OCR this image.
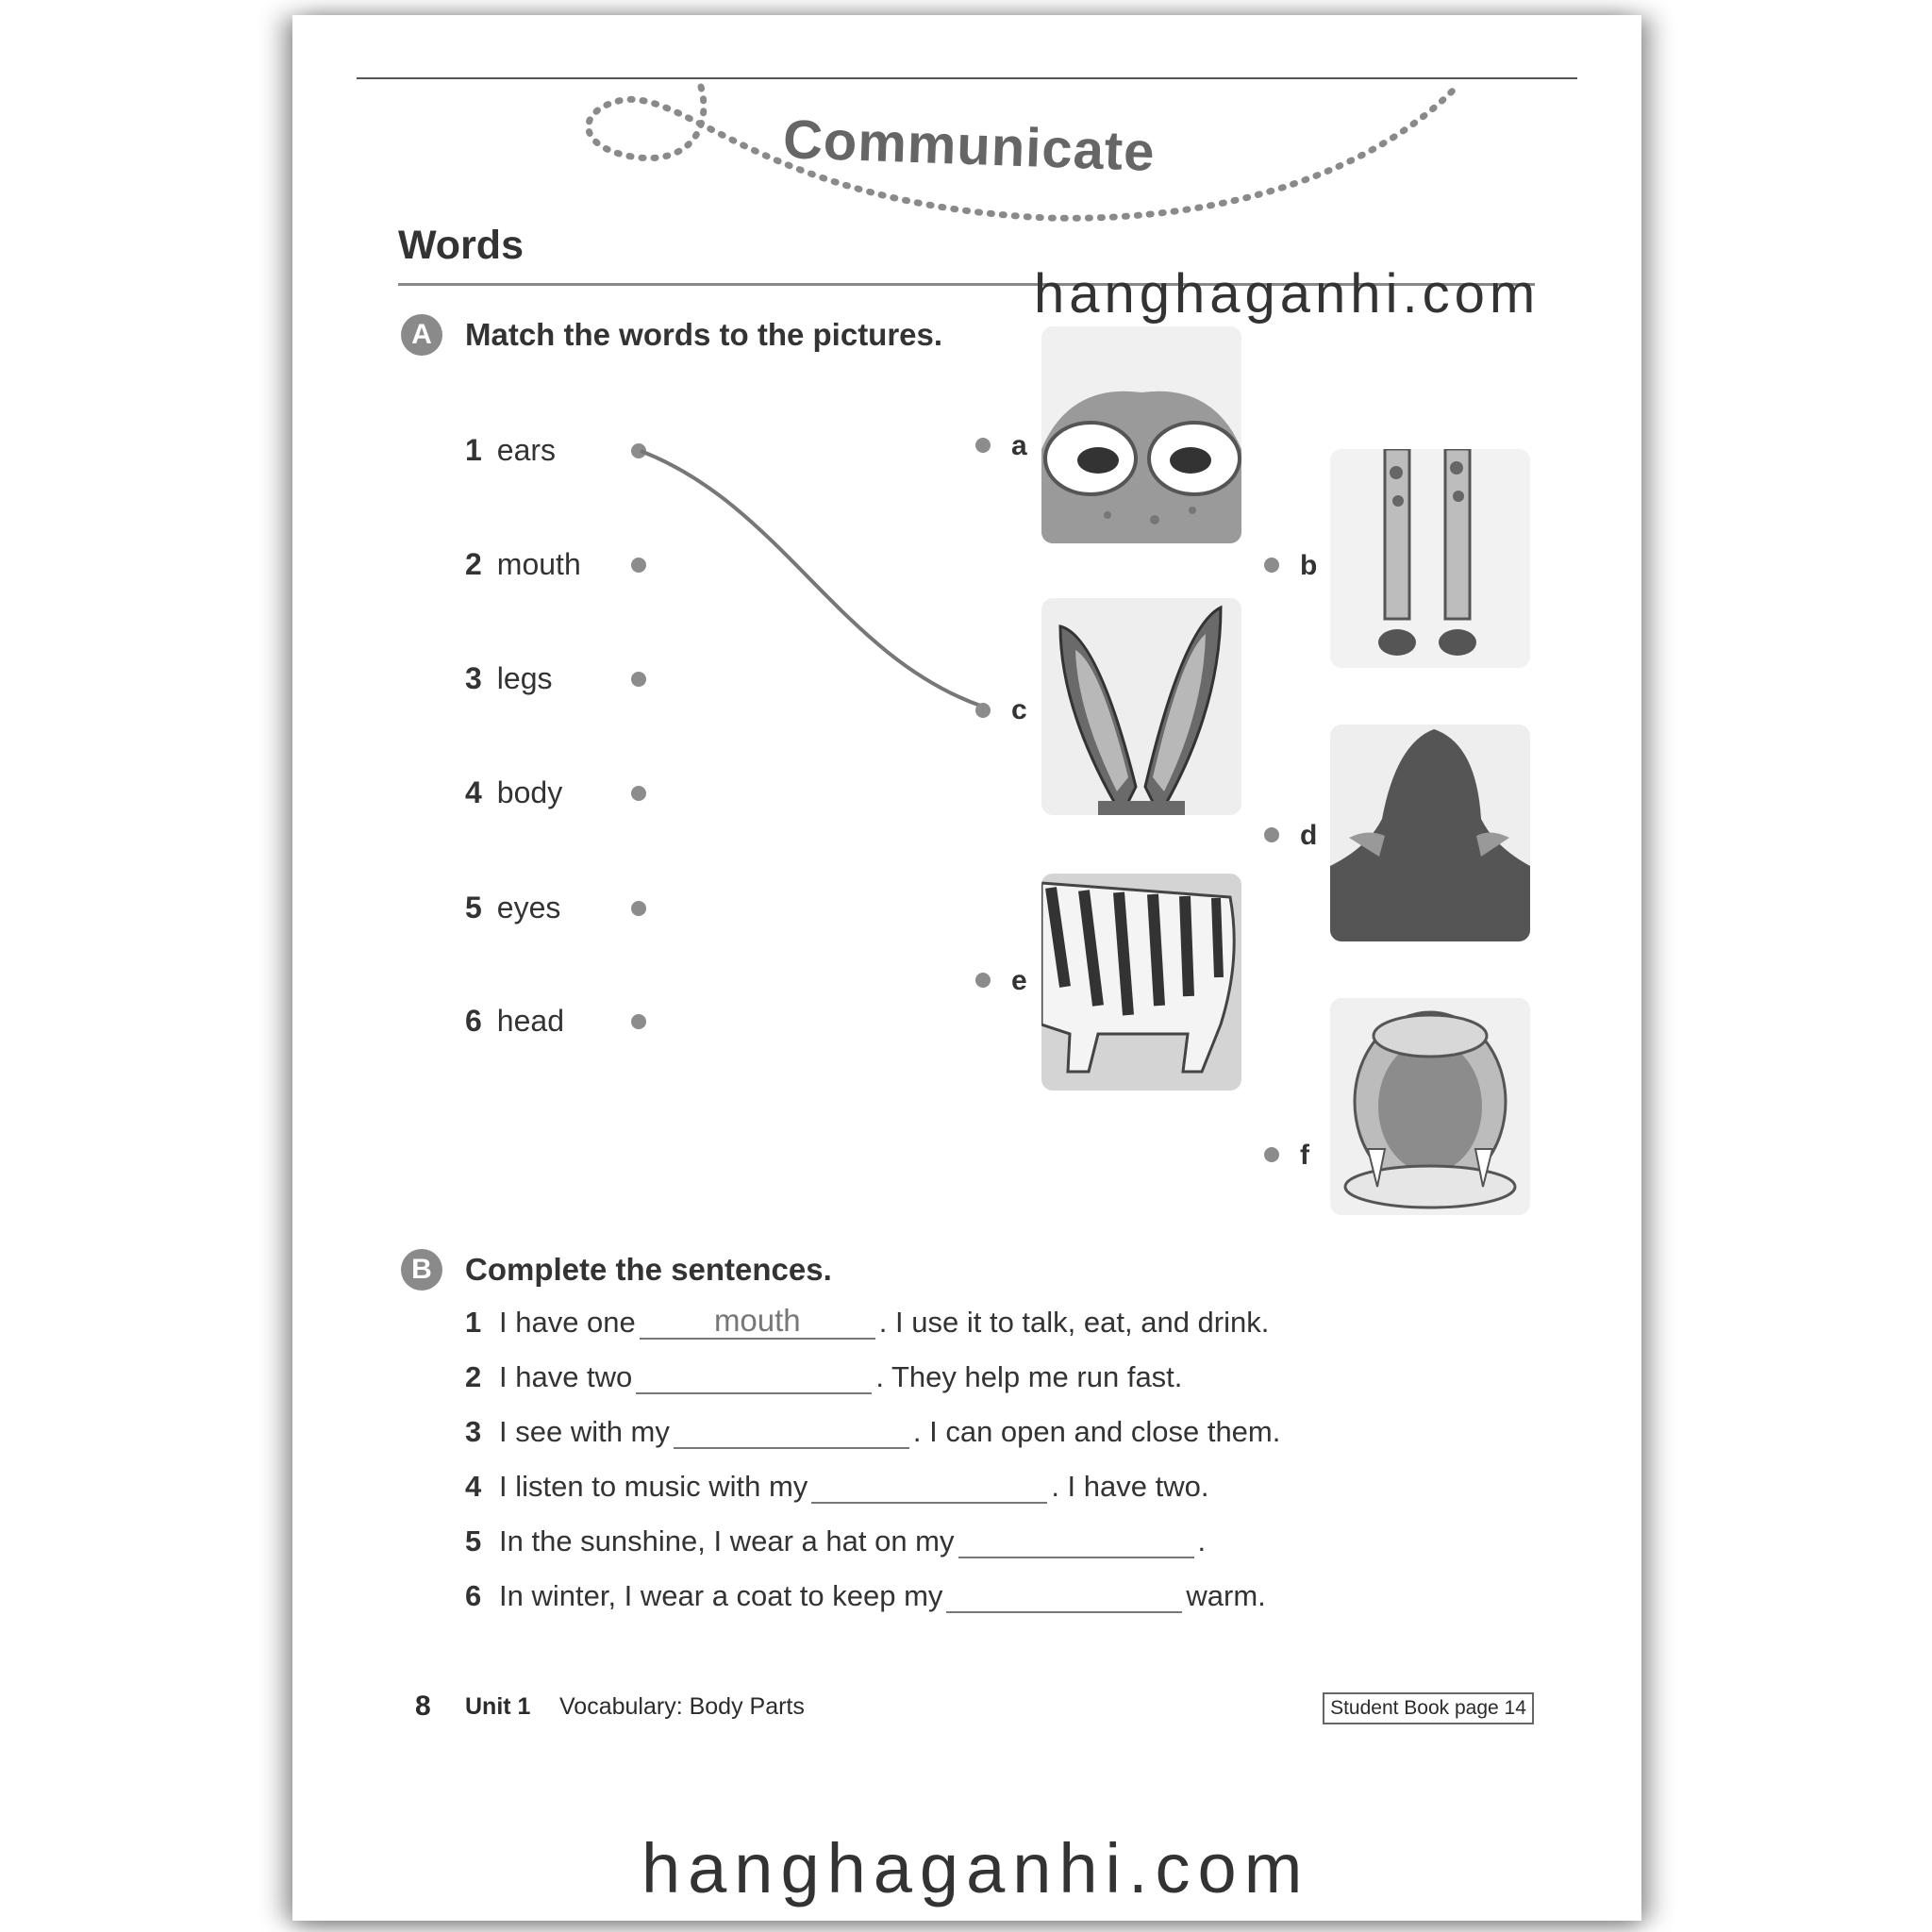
Communicate
Words
hanghaganhi.com
A	Match the words to the pictures.
1 ears
2 mouth
3 legs
4 body
5 eyes
6 head
a
b
c
d
e
f
B	Complete the sentences.
1 I have one	mouth	. I use it to talk, eat, and drink.
2 I have two	. They help me run fast.
3 I see with my	. I can open and close them.
4 I listen to music with my	. I have two.
5 In the sunshine, I wear a hat on my	.
6 In winter, I wear a coat to keep my	warm.
8 Unit 1 Vocabulary: Body Parts	Student Book page 14
hanghaganhi.com
